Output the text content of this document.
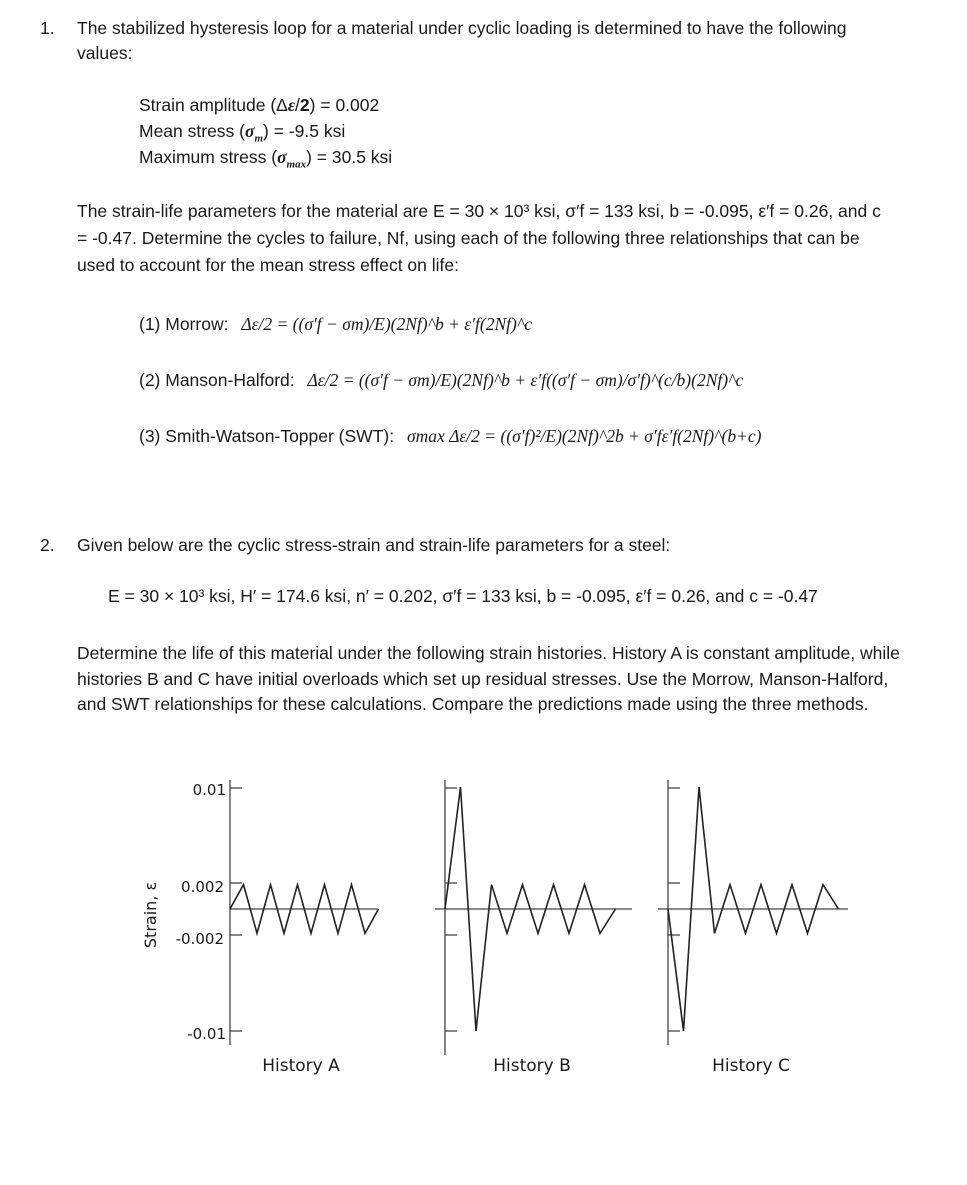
1. The stabilized hysteresis loop for a material under cyclic loading is determined to have the following values:
Strain amplitude (Δε/2) = 0.002
Mean stress $(\sigma_m) = -9.5$ ksi
Maximum stress $(\sigma_{max}) = 30.5$ ksi
The strain-life parameters for the material are E = 30 × 10³ ksi, σ′f = 133 ksi, b = -0.095, ε′f = 0.26, and c = -0.47. Determine the cycles to failure, Nf, using each of the following three relationships that can be used to account for the mean stress effect on life:
(1) Morrow: Δε/2 = ((σ′f − σm)/E)(2Nf)^b + ε′f(2Nf)^c
(2) Manson-Halford: Δε/2 = ((σ′f − σm)/E)(2Nf)^b + ε′f((σ′f − σm)/σ′f)^(c/b)(2Nf)^c
(3) Smith-Watson-Topper (SWT): σmax Δε/2 = ((σ′f)²/E)(2Nf)^2b + σ′fε′f(2Nf)^(b+c)
2. Given below are the cyclic stress-strain and strain-life parameters for a steel:
E = 30 × 10³ ksi, H′ = 174.6 ksi, n′ = 0.202, σ′f = 133 ksi, b = -0.095, ε′f = 0.26, and c = -0.47
Determine the life of this material under the following strain histories. History A is constant amplitude, while histories B and C have initial overloads which set up residual stresses. Use the Morrow, Manson-Halford, and SWT relationships for these calculations. Compare the predictions made using the three methods.
Strain, ε
0.01
0.002
-0.002
-0.01
History A	History B	History C
